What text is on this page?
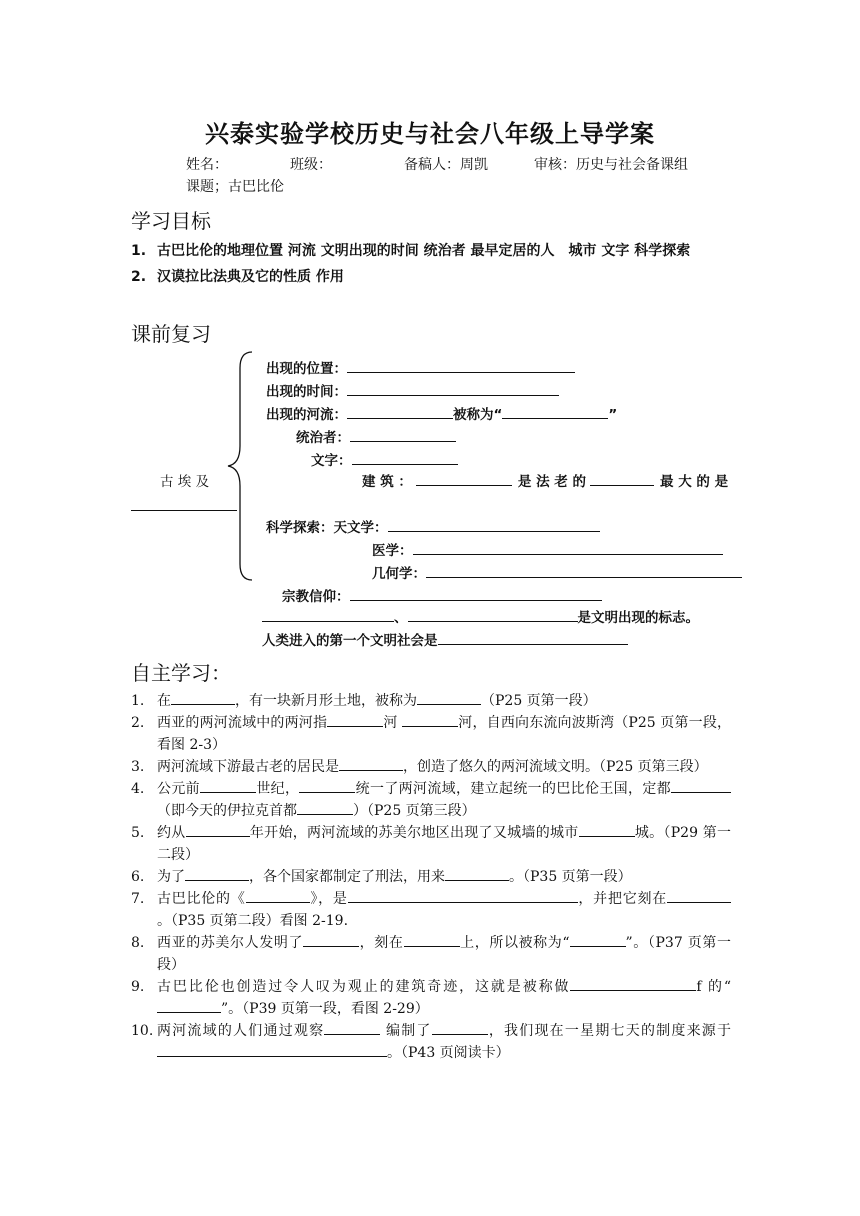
兴泰实验学校历史与社会八年级上导学案
姓名：	班级：	备稿人：周凯	审核：历史与社会备课组
课题；古巴比伦
学习目标
1. 古巴比伦的地理位置 河流 文明出现的时间 统治者 最早定居的人　城市 文字 科学探索
2. 汉谟拉比法典及它的性质 作用
课前复习
古 埃 及
出现的位置：
出现的时间：
出现的河流：	被称为“	”
统治者：
文字：
建 筑 ：	是 法 老 的	最 大 的 是
科学探索：天文学：
医学：
几何学：
宗教信仰：
、	是文明出现的标志。
人类进入的第一个文明社会是
自主学习：
1. 在	，有一块新月形土地，被称为	（P25 页第一段）
2. 西亚的两河流域中的两河指	河	河，自西向东流向波斯湾（P25 页第一段，看图 2-3）
3. 两河流域下游最古老的居民是	，创造了悠久的两河流域文明。（P25 页第三段）
4. 公元前	世纪，	统一了两河流域，建立起统一的巴比伦王国，定都（即今天的伊拉克首都	）（P25 页第三段）
5. 约从	年开始，两河流域的苏美尔地区出现了又城墙的城市	城。（P29 第一二段）
6. 为了	，各个国家都制定了刑法，用来	。（P35 页第一段）
7. 古巴比伦的《	》，是	，并把它刻在。（P35 页第二段）看图 2-19.
8. 西亚的苏美尔人发明了	，刻在	上，所以被称为“	”。（P37 页第一段）
9. 古巴比伦也创造过令人叹为观止的建筑奇迹，这就是被称做	f 的“”。（P39 页第一段，看图 2-29）
10. 两河流域的人们通过观察	编制了	，我们现在一星期七天的制度来源于。（P43 页阅读卡）
